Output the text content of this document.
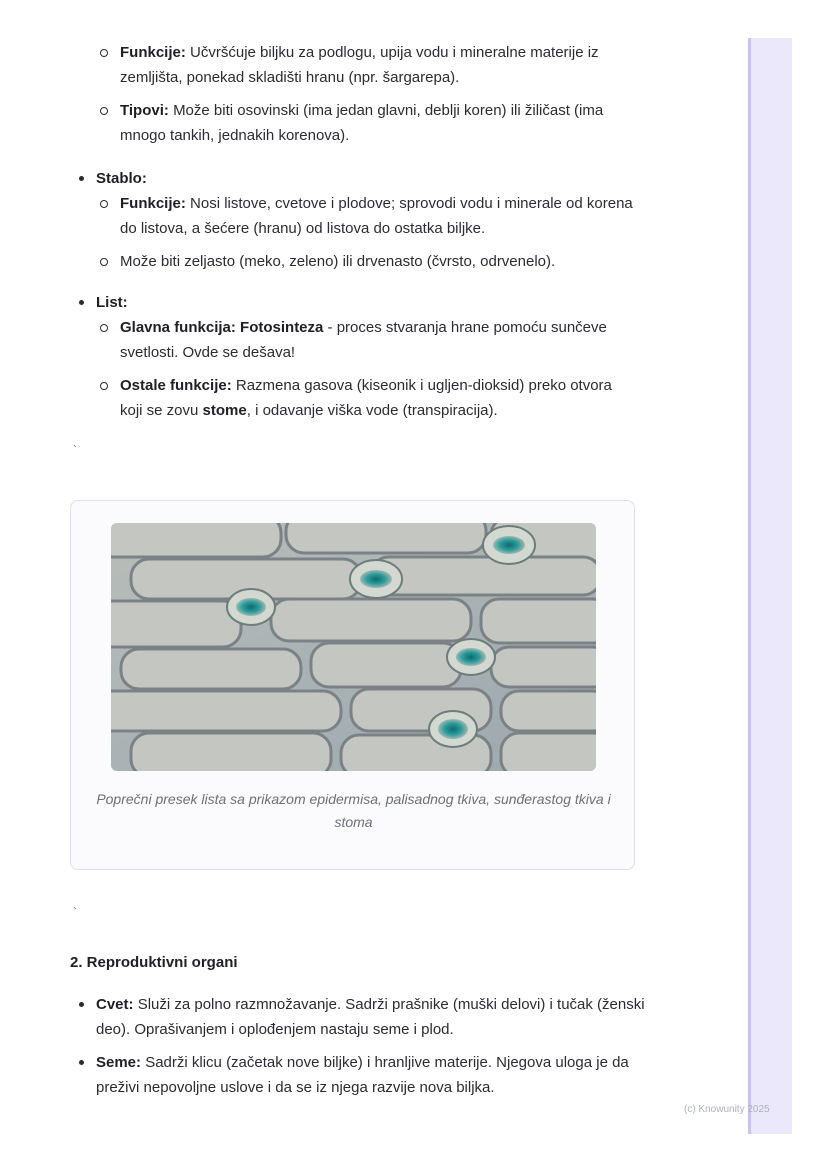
(c) Knowunity 2025
Funkcije: Učvršćuje biljku za podlogu, upija vodu i mineralne materije iz zemljišta, ponekad skladišti hranu (npr. šargarepa).
Tipovi: Može biti osovinski (ima jedan glavni, deblji koren) ili žiličast (ima mnogo tankih, jednakih korenova).
Stablo:
Funkcije: Nosi listove, cvetove i plodove; sprovodi vodu i minerale od korena do listova, a šećere (hranu) od listova do ostatka biljke.
Može biti zeljasto (meko, zeleno) ili drvenasto (čvrsto, odrvenelo).
List:
Glavna funkcija: Fotosinteza - proces stvaranja hrane pomoću sunčeve svetlosti. Ovde se dešava!
Ostale funkcije: Razmena gasova (kiseonik i ugljen-dioksid) preko otvora koji se zovu stome, i odavanje viška vode (transpiracija).
`
Poprečni presek lista sa prikazom epidermisa, palisadnog tkiva, sunđerastog tkiva i stoma
`
2. Reproduktivni organi
Cvet: Služi za polno razmnožavanje. Sadrži prašnike (muški delovi) i tučak (ženski deo). Oprašivanjem i oplođenjem nastaju seme i plod.
Seme: Sadrži klicu (začetak nove biljke) i hranljive materije. Njegova uloga je da preživi nepovoljne uslove i da se iz njega razvije nova biljka.
